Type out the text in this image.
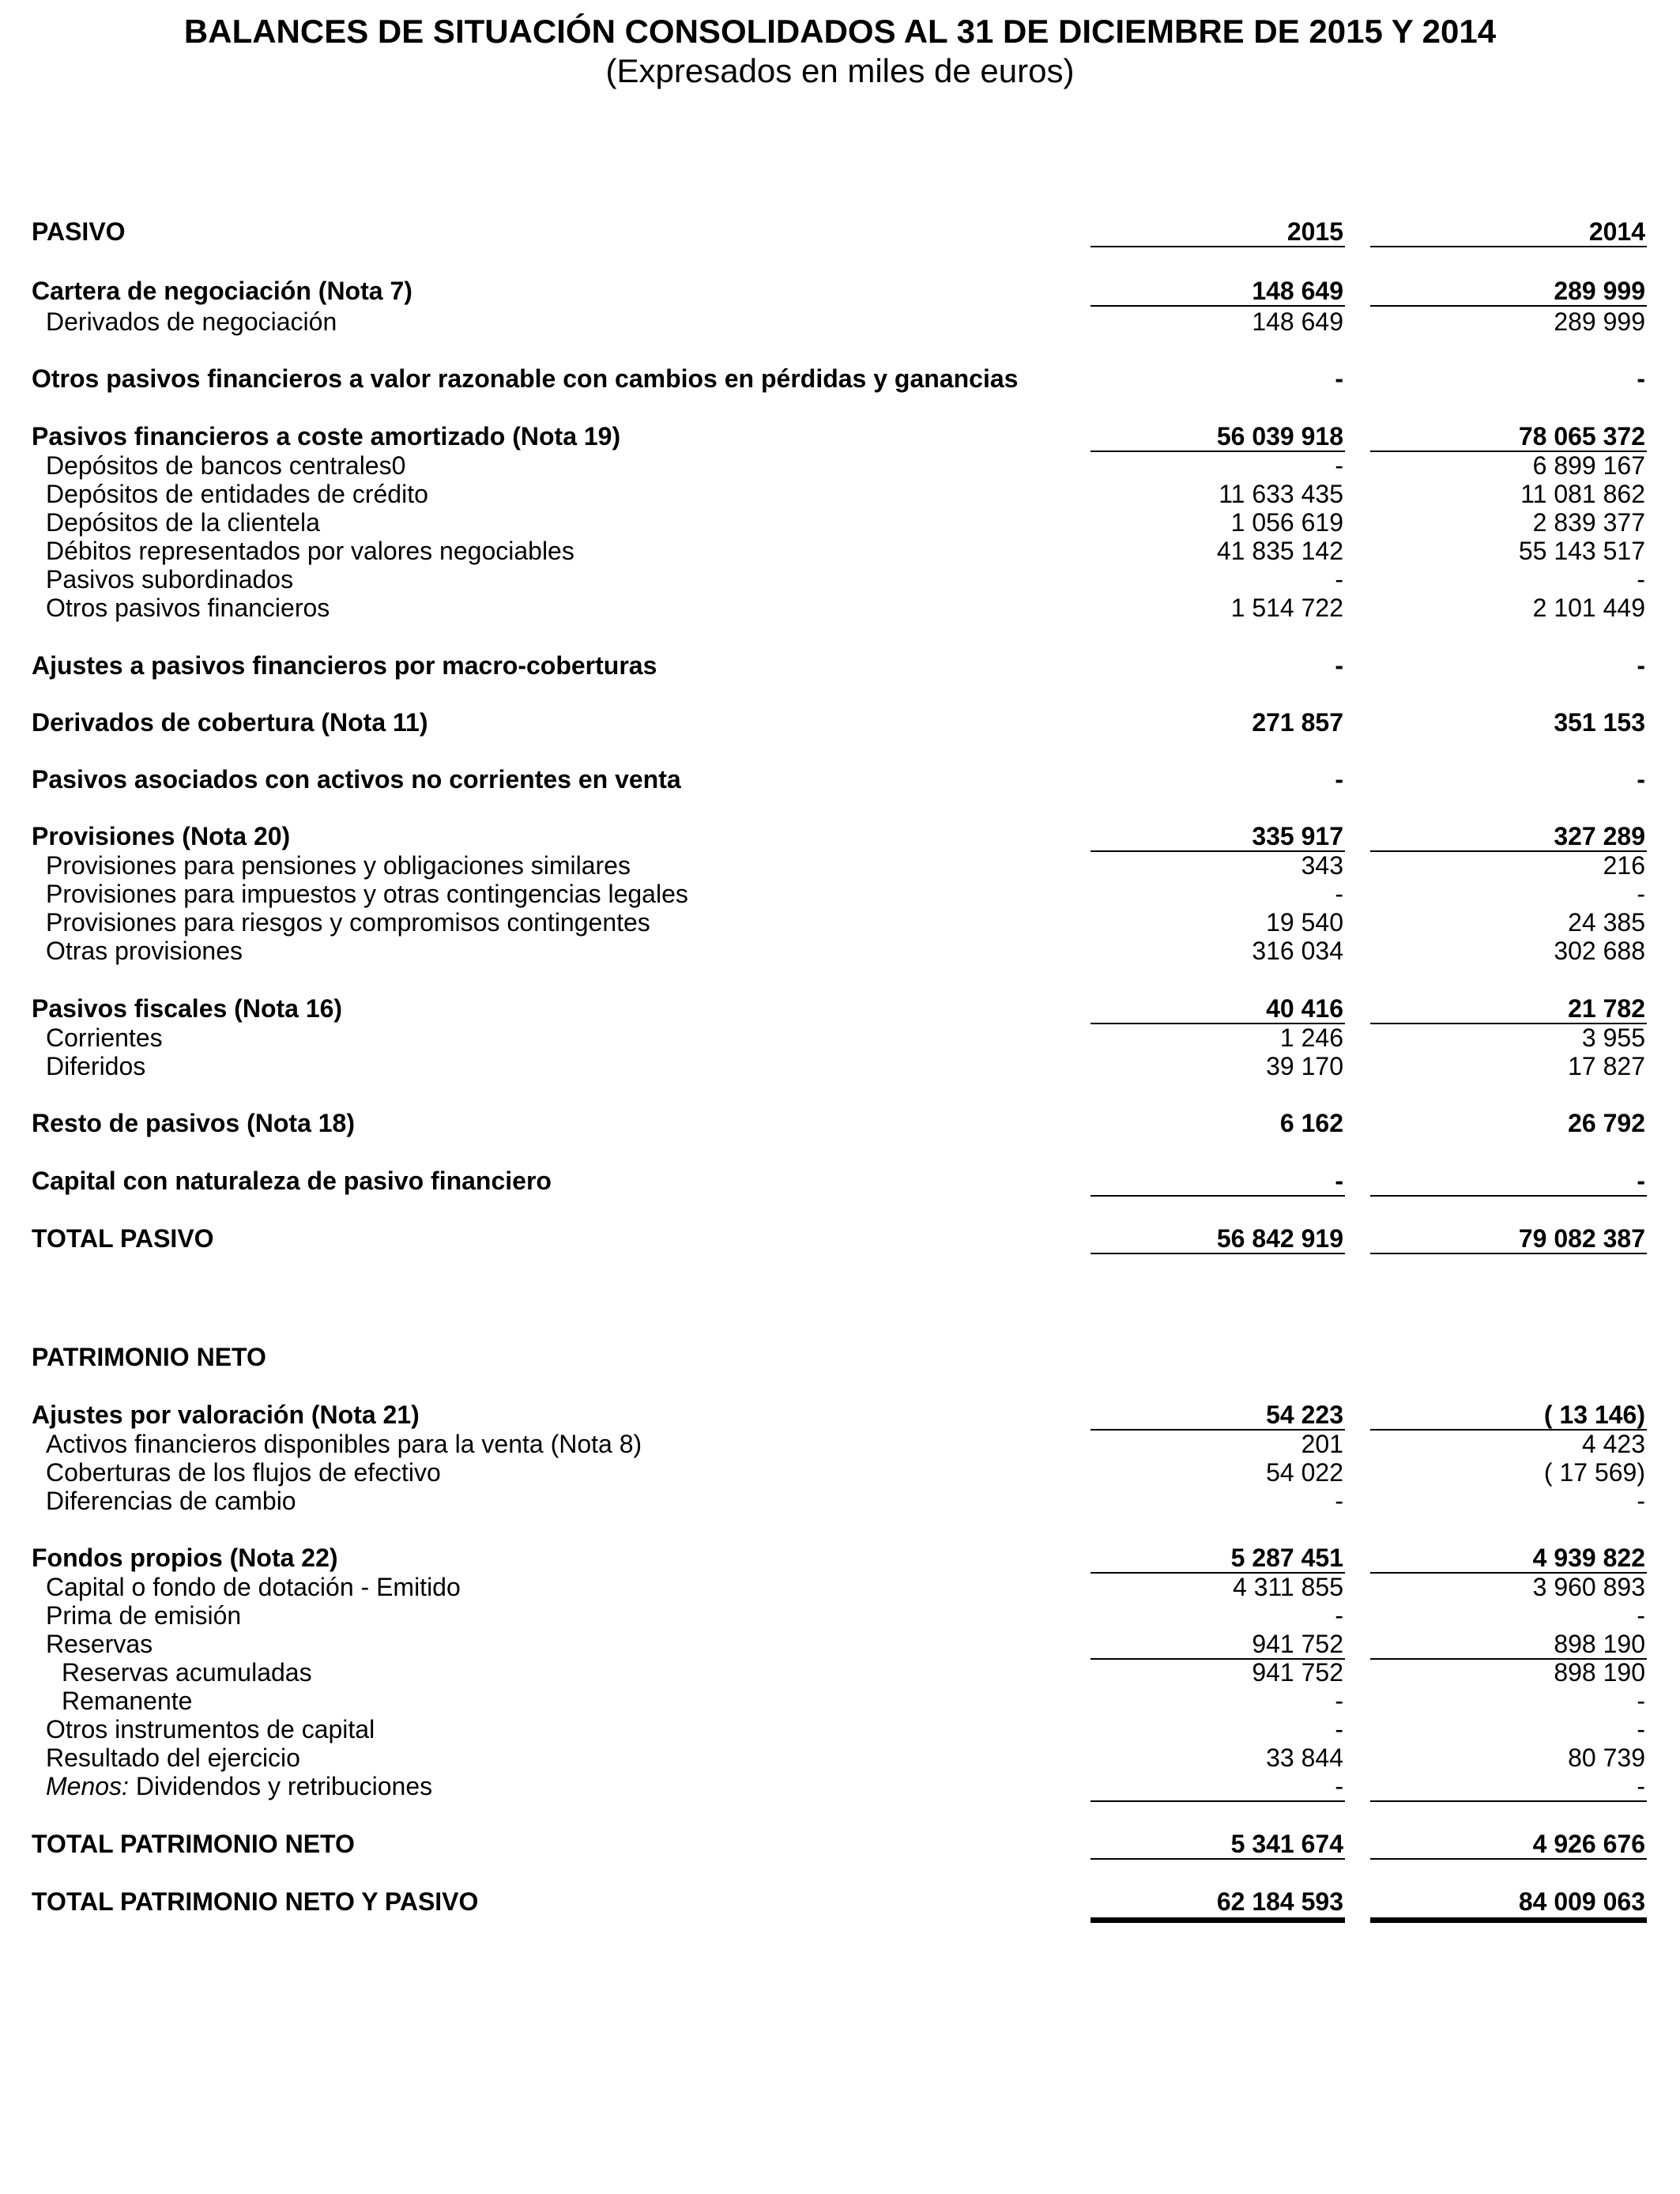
BALANCES DE SITUACIÓN CONSOLIDADOS AL 31 DE DICIEMBRE DE 2015 Y 2014
(Expresados en miles de euros)
PASIVO	2015	2014
Cartera de negociación (Nota 7)	148 649	289 999
Derivados de negociación	148 649	289 999
Otros pasivos financieros a valor razonable con cambios en pérdidas y ganancias	-	-
Pasivos financieros a coste amortizado (Nota 19)	56 039 918	78 065 372
Depósitos de bancos centrales0	-	6 899 167
Depósitos de entidades de crédito	11 633 435	11 081 862
Depósitos de la clientela	1 056 619	2 839 377
Débitos representados por valores negociables	41 835 142	55 143 517
Pasivos subordinados	-	-
Otros pasivos financieros	1 514 722	2 101 449
Ajustes a pasivos financieros por macro-coberturas	-	-
Derivados de cobertura (Nota 11)	271 857	351 153
Pasivos asociados con activos no corrientes en venta	-	-
Provisiones (Nota 20)	335 917	327 289
Provisiones para pensiones y obligaciones similares	343	216
Provisiones para impuestos y otras contingencias legales	-	-
Provisiones para riesgos y compromisos contingentes	19 540	24 385
Otras provisiones	316 034	302 688
Pasivos fiscales (Nota 16)	40 416	21 782
Corrientes	1 246	3 955
Diferidos	39 170	17 827
Resto de pasivos (Nota 18)	6 162	26 792
Capital con naturaleza de pasivo financiero	-	-
TOTAL PASIVO	56 842 919	79 082 387
PATRIMONIO NETO
Ajustes por valoración (Nota 21)	54 223	( 13 146)
Activos financieros disponibles para la venta (Nota 8)	201	4 423
Coberturas de los flujos de efectivo	54 022	( 17 569)
Diferencias de cambio	-	-
Fondos propios (Nota 22)	5 287 451	4 939 822
Capital o fondo de dotación - Emitido	4 311 855	3 960 893
Prima de emisión	-	-
Reservas	941 752	898 190
Reservas acumuladas	941 752	898 190
Remanente	-	-
Otros instrumentos de capital	-	-
Resultado del ejercicio	33 844	80 739
Menos: Dividendos y retribuciones	-	-
TOTAL PATRIMONIO NETO	5 341 674	4 926 676
TOTAL PATRIMONIO NETO Y PASIVO	62 184 593	84 009 063
